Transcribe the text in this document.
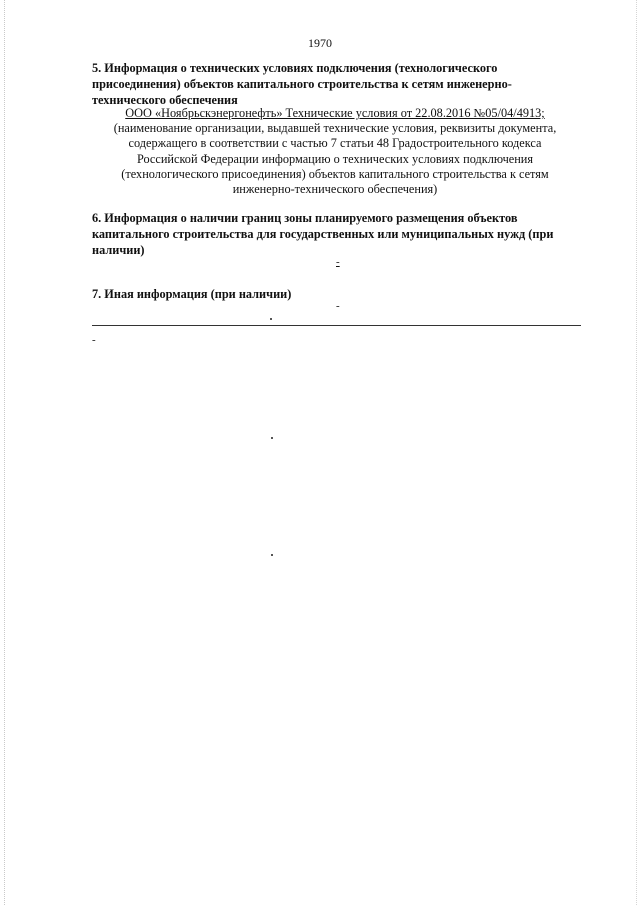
1970

5. Информация о технических условиях подключения (технологического присоединения) объектов капитального строительства к сетям инженерно-технического обеспечения

ООО «Ноябрьскэнергонефть» Технические условия от 22.08.2016 №05/04/4913;
(наименование организации, выдавшей технические условия, реквизиты документа,
содержащего в соответствии с частью 7 статьи 48 Градостроительного кодекса
Российской Федерации информацию о технических условиях подключения
(технологического присоединения) объектов капитального строительства к сетям
инженерно-технического обеспечения)

6. Информация о наличии границ зоны планируемого размещения объектов капитального строительства для государственных или муниципальных нужд (при наличии)

-

7. Иная информация (при наличии)

-
-
